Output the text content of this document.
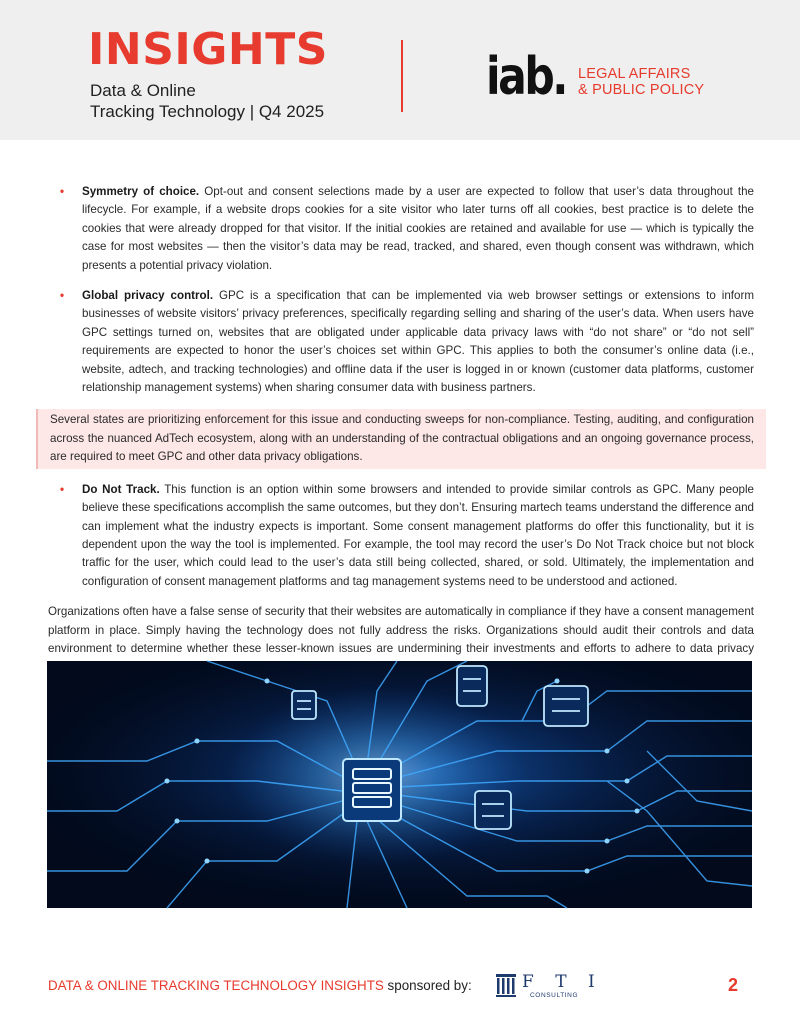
INSIGHTS
Data & Online
Tracking Technology | Q4 2025
iab. LEGAL AFFAIRS
& PUBLIC POLICY
• Symmetry of choice. Opt-out and consent selections made by a user are expected to follow that user’s data throughout the lifecycle. For example, if a website drops cookies for a site visitor who later turns off all cookies, best practice is to delete the cookies that were already dropped for that visitor. If the initial cookies are retained and available for use — which is typically the case for most websites — then the visitor’s data may be read, tracked, and shared, even though consent was withdrawn, which presents a potential privacy violation.
• Global privacy control. GPC is a specification that can be implemented via web browser settings or extensions to inform businesses of website visitors’ privacy preferences, specifically regarding selling and sharing of the user’s data. When users have GPC settings turned on, websites that are obligated under applicable data privacy laws with “do not share” or “do not sell” requirements are expected to honor the user’s choices set within GPC. This applies to both the consumer’s online data (i.e., website, adtech, and tracking technologies) and offline data if the user is logged in or known (customer data platforms, customer relationship management systems) when sharing consumer data with business partners.
Several states are prioritizing enforcement for this issue and conducting sweeps for non-compliance. Testing, auditing, and configuration across the nuanced AdTech ecosystem, along with an understanding of the contractual obligations and an ongoing governance process, are required to meet GPC and other data privacy obligations.
• Do Not Track. This function is an option within some browsers and intended to provide similar controls as GPC. Many people believe these specifications accomplish the same outcomes, but they don’t. Ensuring martech teams understand the difference and can implement what the industry expects is important. Some consent management platforms do offer this functionality, but it is dependent upon the way the tool is implemented. For example, the tool may record the user’s Do Not Track choice but not block traffic for the user, which could lead to the user’s data still being collected, shared, or sold. Ultimately, the implementation and configuration of consent management platforms and tag management systems need to be understood and actioned.
Organizations often have a false sense of security that their websites are automatically in compliance if they have a consent management platform in place. Simply having the technology does not fully address the risks. Organizations should audit their controls and data environment to determine whether these lesser-known issues are undermining their investments and efforts to adhere to data privacy
DATA & ONLINE TRACKING TECHNOLOGY INSIGHTS sponsored by:	F T I
CONSULTING
2
